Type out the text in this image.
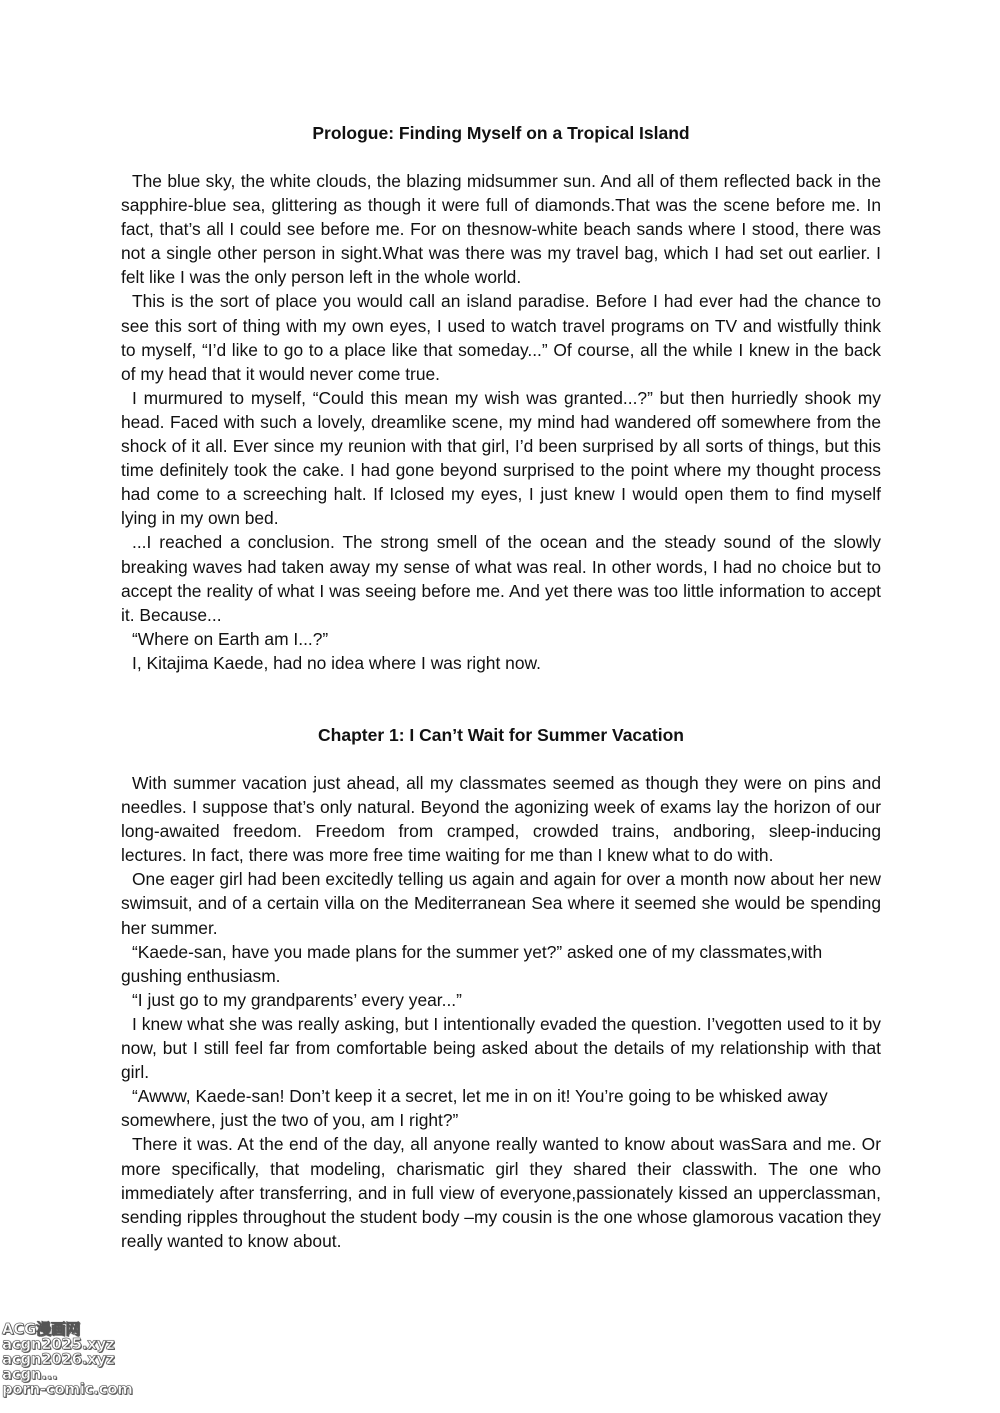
Prologue: Finding Myself on a Tropical Island

The blue sky, the white clouds, the blazing midsummer sun. And all of them reflected back in the sapphire-blue sea, glittering as though it were full of diamonds.That was the scene before me. In fact, that’s all I could see before me. For on thesnow-white beach sands where I stood, there was not a single other person in sight.What was there was my travel bag, which I had set out earlier. I felt like I was the only person left in the whole world.

This is the sort of place you would call an island paradise. Before I had ever had the chance to see this sort of thing with my own eyes, I used to watch travel programs on TV and wistfully think to myself, “I’d like to go to a place like that someday...” Of course, all the while I knew in the back of my head that it would never come true.

I murmured to myself, “Could this mean my wish was granted...?” but then hurriedly shook my head. Faced with such a lovely, dreamlike scene, my mind had wandered off somewhere from the shock of it all. Ever since my reunion with that girl, I’d been surprised by all sorts of things, but this time definitely took the cake. I had gone beyond surprised to the point where my thought process had come to a screeching halt. If Iclosed my eyes, I just knew I would open them to find myself lying in my own bed.

...I reached a conclusion. The strong smell of the ocean and the steady sound of the slowly breaking waves had taken away my sense of what was real. In other words, I had no choice but to accept the reality of what I was seeing before me. And yet there was too little information to accept it. Because...

“Where on Earth am I...?”

I, Kitajima Kaede, had no idea where I was right now.

Chapter 1: I Can’t Wait for Summer Vacation

With summer vacation just ahead, all my classmates seemed as though they were on pins and needles. I suppose that’s only natural. Beyond the agonizing week of exams lay the horizon of our long-awaited freedom. Freedom from cramped, crowded trains, andboring, sleep-inducing lectures. In fact, there was more free time waiting for me than I knew what to do with.

One eager girl had been excitedly telling us again and again for over a month now about her new swimsuit, and of a certain villa on the Mediterranean Sea where it seemed she would be spending her summer.

“Kaede-san, have you made plans for the summer yet?” asked one of my classmates,with gushing enthusiasm.

“I just go to my grandparents’ every year...”

I knew what she was really asking, but I intentionally evaded the question. I’vegotten used to it by now, but I still feel far from comfortable being asked about the details of my relationship with that girl.

“Awww, Kaede-san! Don’t keep it a secret, let me in on it! You’re going to be whisked away somewhere, just the two of you, am I right?”

There it was. At the end of the day, all anyone really wanted to know about wasSara and me. Or more specifically, that modeling, charismatic girl they shared their classwith. The one who immediately after transferring, and in full view of everyone,passionately kissed an upperclassman, sending ripples throughout the student body –my cousin is the one whose glamorous vacation they really wanted to know about.

ACG漫画网
acgn2025.xyz
acgn2026.xyz
acgn...
porn-comic.com
